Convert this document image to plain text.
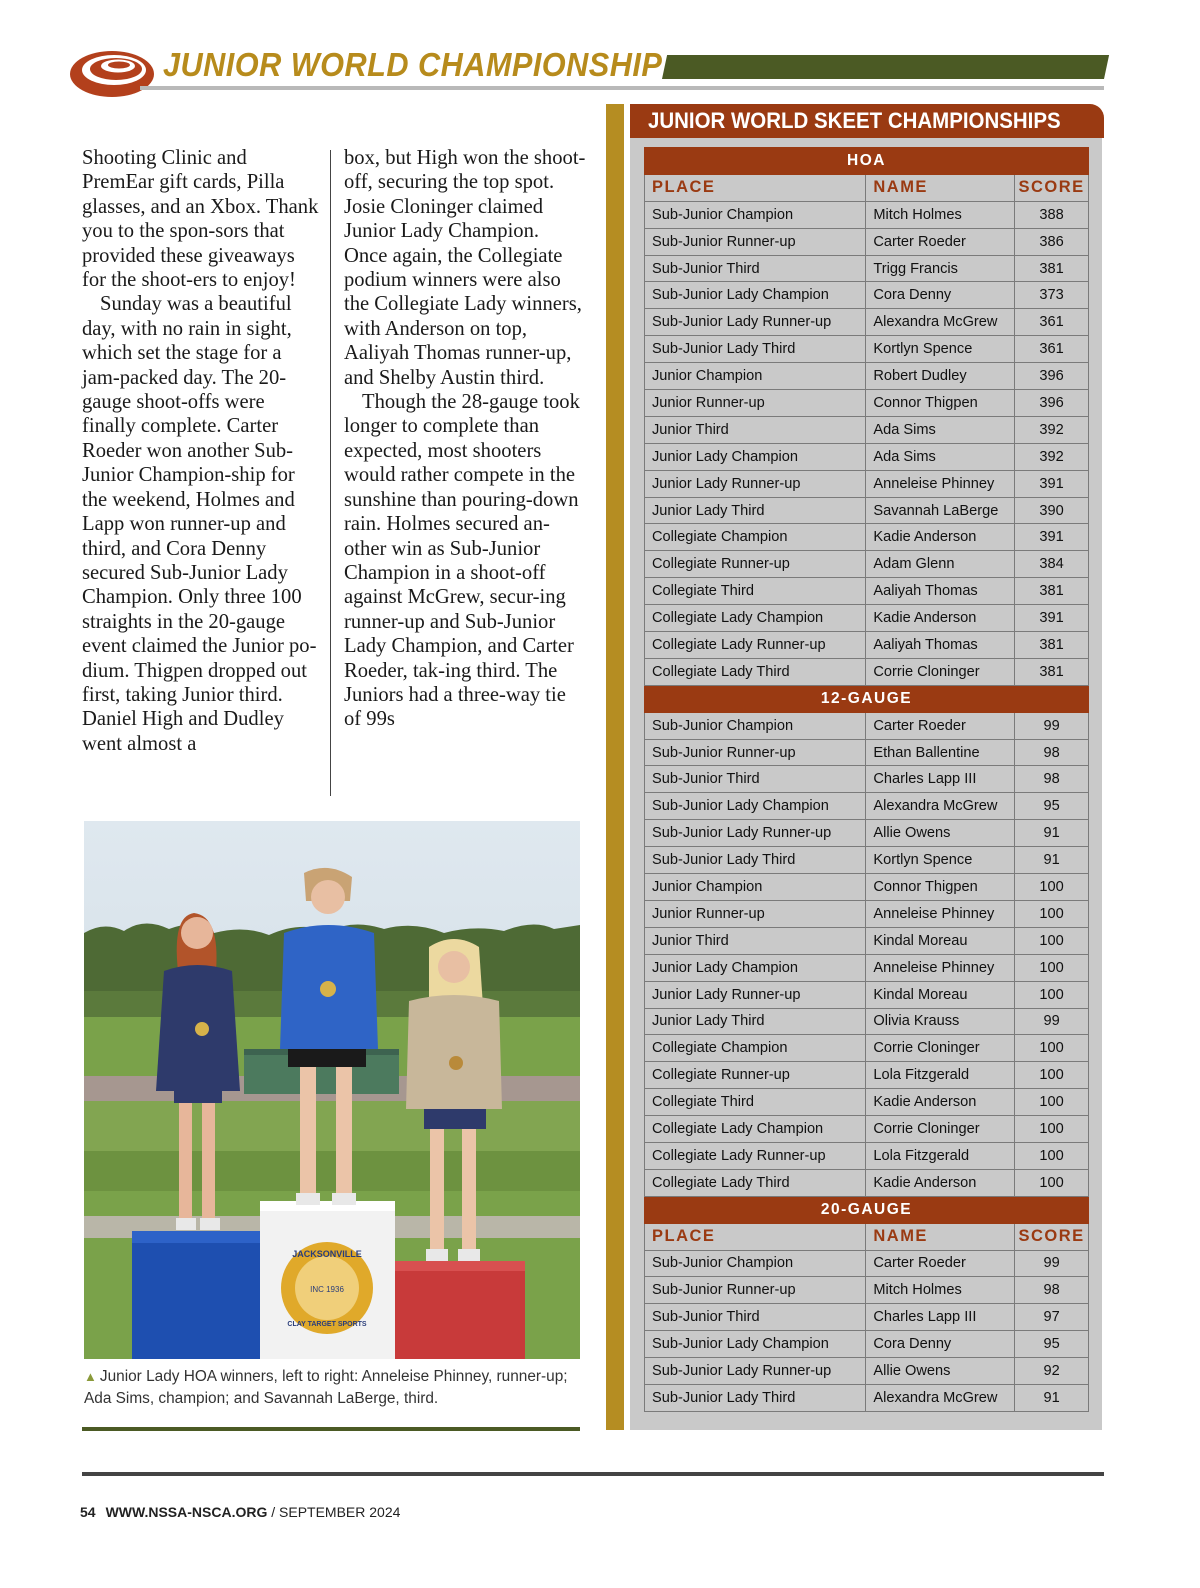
JUNIOR WORLD CHAMPIONSHIP

Shooting Clinic and PremEar gift cards, Pilla glasses, and an Xbox. Thank you to the spon-sors that provided these giveaways for the shoot-ers to enjoy!

Sunday was a beautiful day, with no rain in sight, which set the stage for a jam-packed day. The 20-gauge shoot-offs were finally complete. Carter Roeder won another Sub-Junior Champion-ship for the weekend, Holmes and Lapp won runner-up and third, and Cora Denny secured Sub-Junior Lady Champion. Only three 100 straights in the 20-gauge event claimed the Junior po-dium. Thigpen dropped out first, taking Junior third. Daniel High and Dudley went almost a

box, but High won the shoot-off, securing the top spot. Josie Cloninger claimed Junior Lady Champion. Once again, the Collegiate podium winners were also the Collegiate Lady winners, with Anderson on top, Aaliyah Thomas runner-up, and Shelby Austin third.

Though the 28-gauge took longer to complete than expected, most shooters would rather compete in the sunshine than pouring-down rain. Holmes secured an-other win as Sub-Junior Champion in a shoot-off against McGrew, secur-ing runner-up and Sub-Junior Lady Champion, and Carter Roeder, tak-ing third. The Juniors had a three-way tie of 99s

JACKSONVILLE
INC 1936
CLAY TARGET SPORTS
▲ Junior Lady HOA winners, left to right: Anneleise Phinney, runner-up; Ada Sims, champion; and Savannah LaBerge, third.
JUNIOR WORLD SKEET CHAMPIONSHIPS
HOA		
PLACE	NAME	SCORE
Sub-Junior Champion	Mitch Holmes	388
Sub-Junior Runner-up	Carter Roeder	386
Sub-Junior Third	Trigg Francis	381
Sub-Junior Lady Champion	Cora Denny	373
Sub-Junior Lady Runner-up	Alexandra McGrew	361
Sub-Junior Lady Third	Kortlyn Spence	361
Junior Champion	Robert Dudley	396
Junior Runner-up	Connor Thigpen	396
Junior Third	Ada Sims	392
Junior Lady Champion	Ada Sims	392
Junior Lady Runner-up	Anneleise Phinney	391
Junior Lady Third	Savannah LaBerge	390
Collegiate Champion	Kadie Anderson	391
Collegiate Runner-up	Adam Glenn	384
Collegiate Third	Aaliyah Thomas	381
Collegiate Lady Champion	Kadie Anderson	391
Collegiate Lady Runner-up	Aaliyah Thomas	381
Collegiate Lady Third	Corrie Cloninger	381
12-GAUGE		
Sub-Junior Champion	Carter Roeder	99
Sub-Junior Runner-up	Ethan Ballentine	98
Sub-Junior Third	Charles Lapp III	98
Sub-Junior Lady Champion	Alexandra McGrew	95
Sub-Junior Lady Runner-up	Allie Owens	91
Sub-Junior Lady Third	Kortlyn Spence	91
Junior Champion	Connor Thigpen	100
Junior Runner-up	Anneleise Phinney	100
Junior Third	Kindal Moreau	100
Junior Lady Champion	Anneleise Phinney	100
Junior Lady Runner-up	Kindal Moreau	100
Junior Lady Third	Olivia Krauss	99
Collegiate Champion	Corrie Cloninger	100
Collegiate Runner-up	Lola Fitzgerald	100
Collegiate Third	Kadie Anderson	100
Collegiate Lady Champion	Corrie Cloninger	100
Collegiate Lady Runner-up	Lola Fitzgerald	100
Collegiate Lady Third	Kadie Anderson	100
20-GAUGE		
PLACE	NAME	SCORE
Sub-Junior Champion	Carter Roeder	99
Sub-Junior Runner-up	Mitch Holmes	98
Sub-Junior Third	Charles Lapp III	97
Sub-Junior Lady Champion	Cora Denny	95
Sub-Junior Lady Runner-up	Allie Owens	92
Sub-Junior Lady Third	Alexandra McGrew	91
54 WWW.NSSA-NSCA.ORG / SEPTEMBER 2024
